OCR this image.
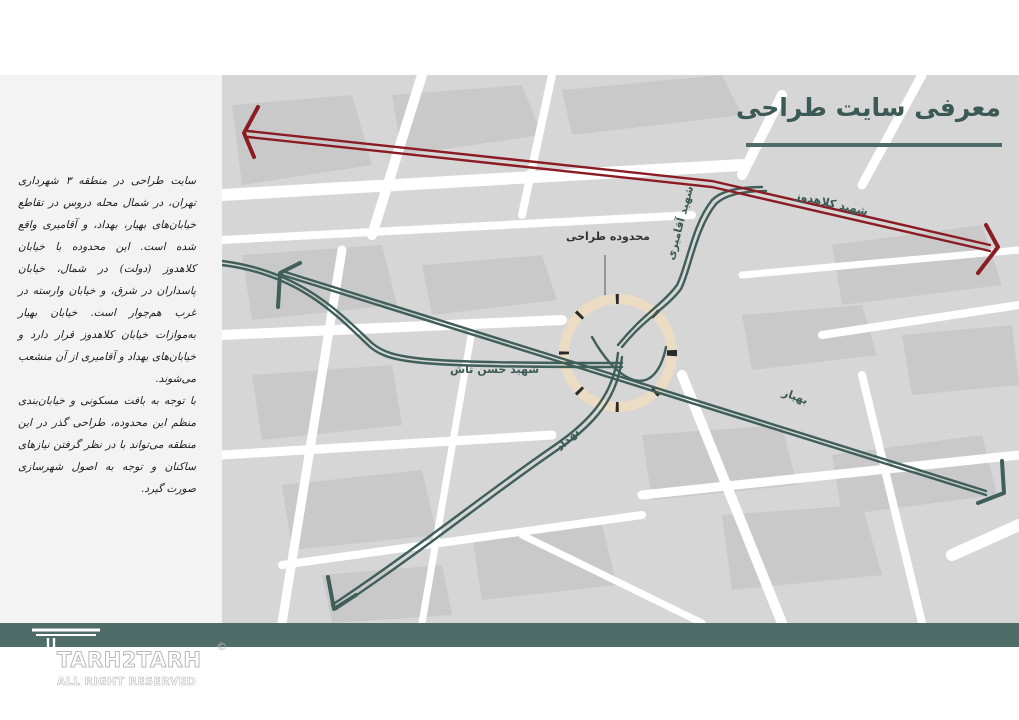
سایت طراحی در منطقه ۳ شهرداری تهران، در شمال محله دروس در تقاطع خیابان‌های بهیار، بهداد، و آقامیری واقع شده است. این محدوده با خیابان کلاهدوز (دولت) در شمال، خیابان پاسداران در شرق، و خیابان وارسته در غرب هم‌جوار است. خیابان بهیار به‌موازات خیابان کلاهدوز قرار دارد و خیابان‌های بهداد و آقامیری از آن منشعب می‌شوند.

با توجه به بافت مسکونی و خیابان‌بندی منظم این محدوده، طراحی گذر در این منطقه می‌تواند با در نظر گرفتن نیازهای ساکنان و توجه به اصول شهرسازی صورت گیرد.

معرفی سایت طراحی
شهید کلاهدوز
شهید آقامیری
محدوده طراحی
شهید حسن تاش
بهیار
بهداد

TARH2TARH

ALL RIGHT RESERVED

©
